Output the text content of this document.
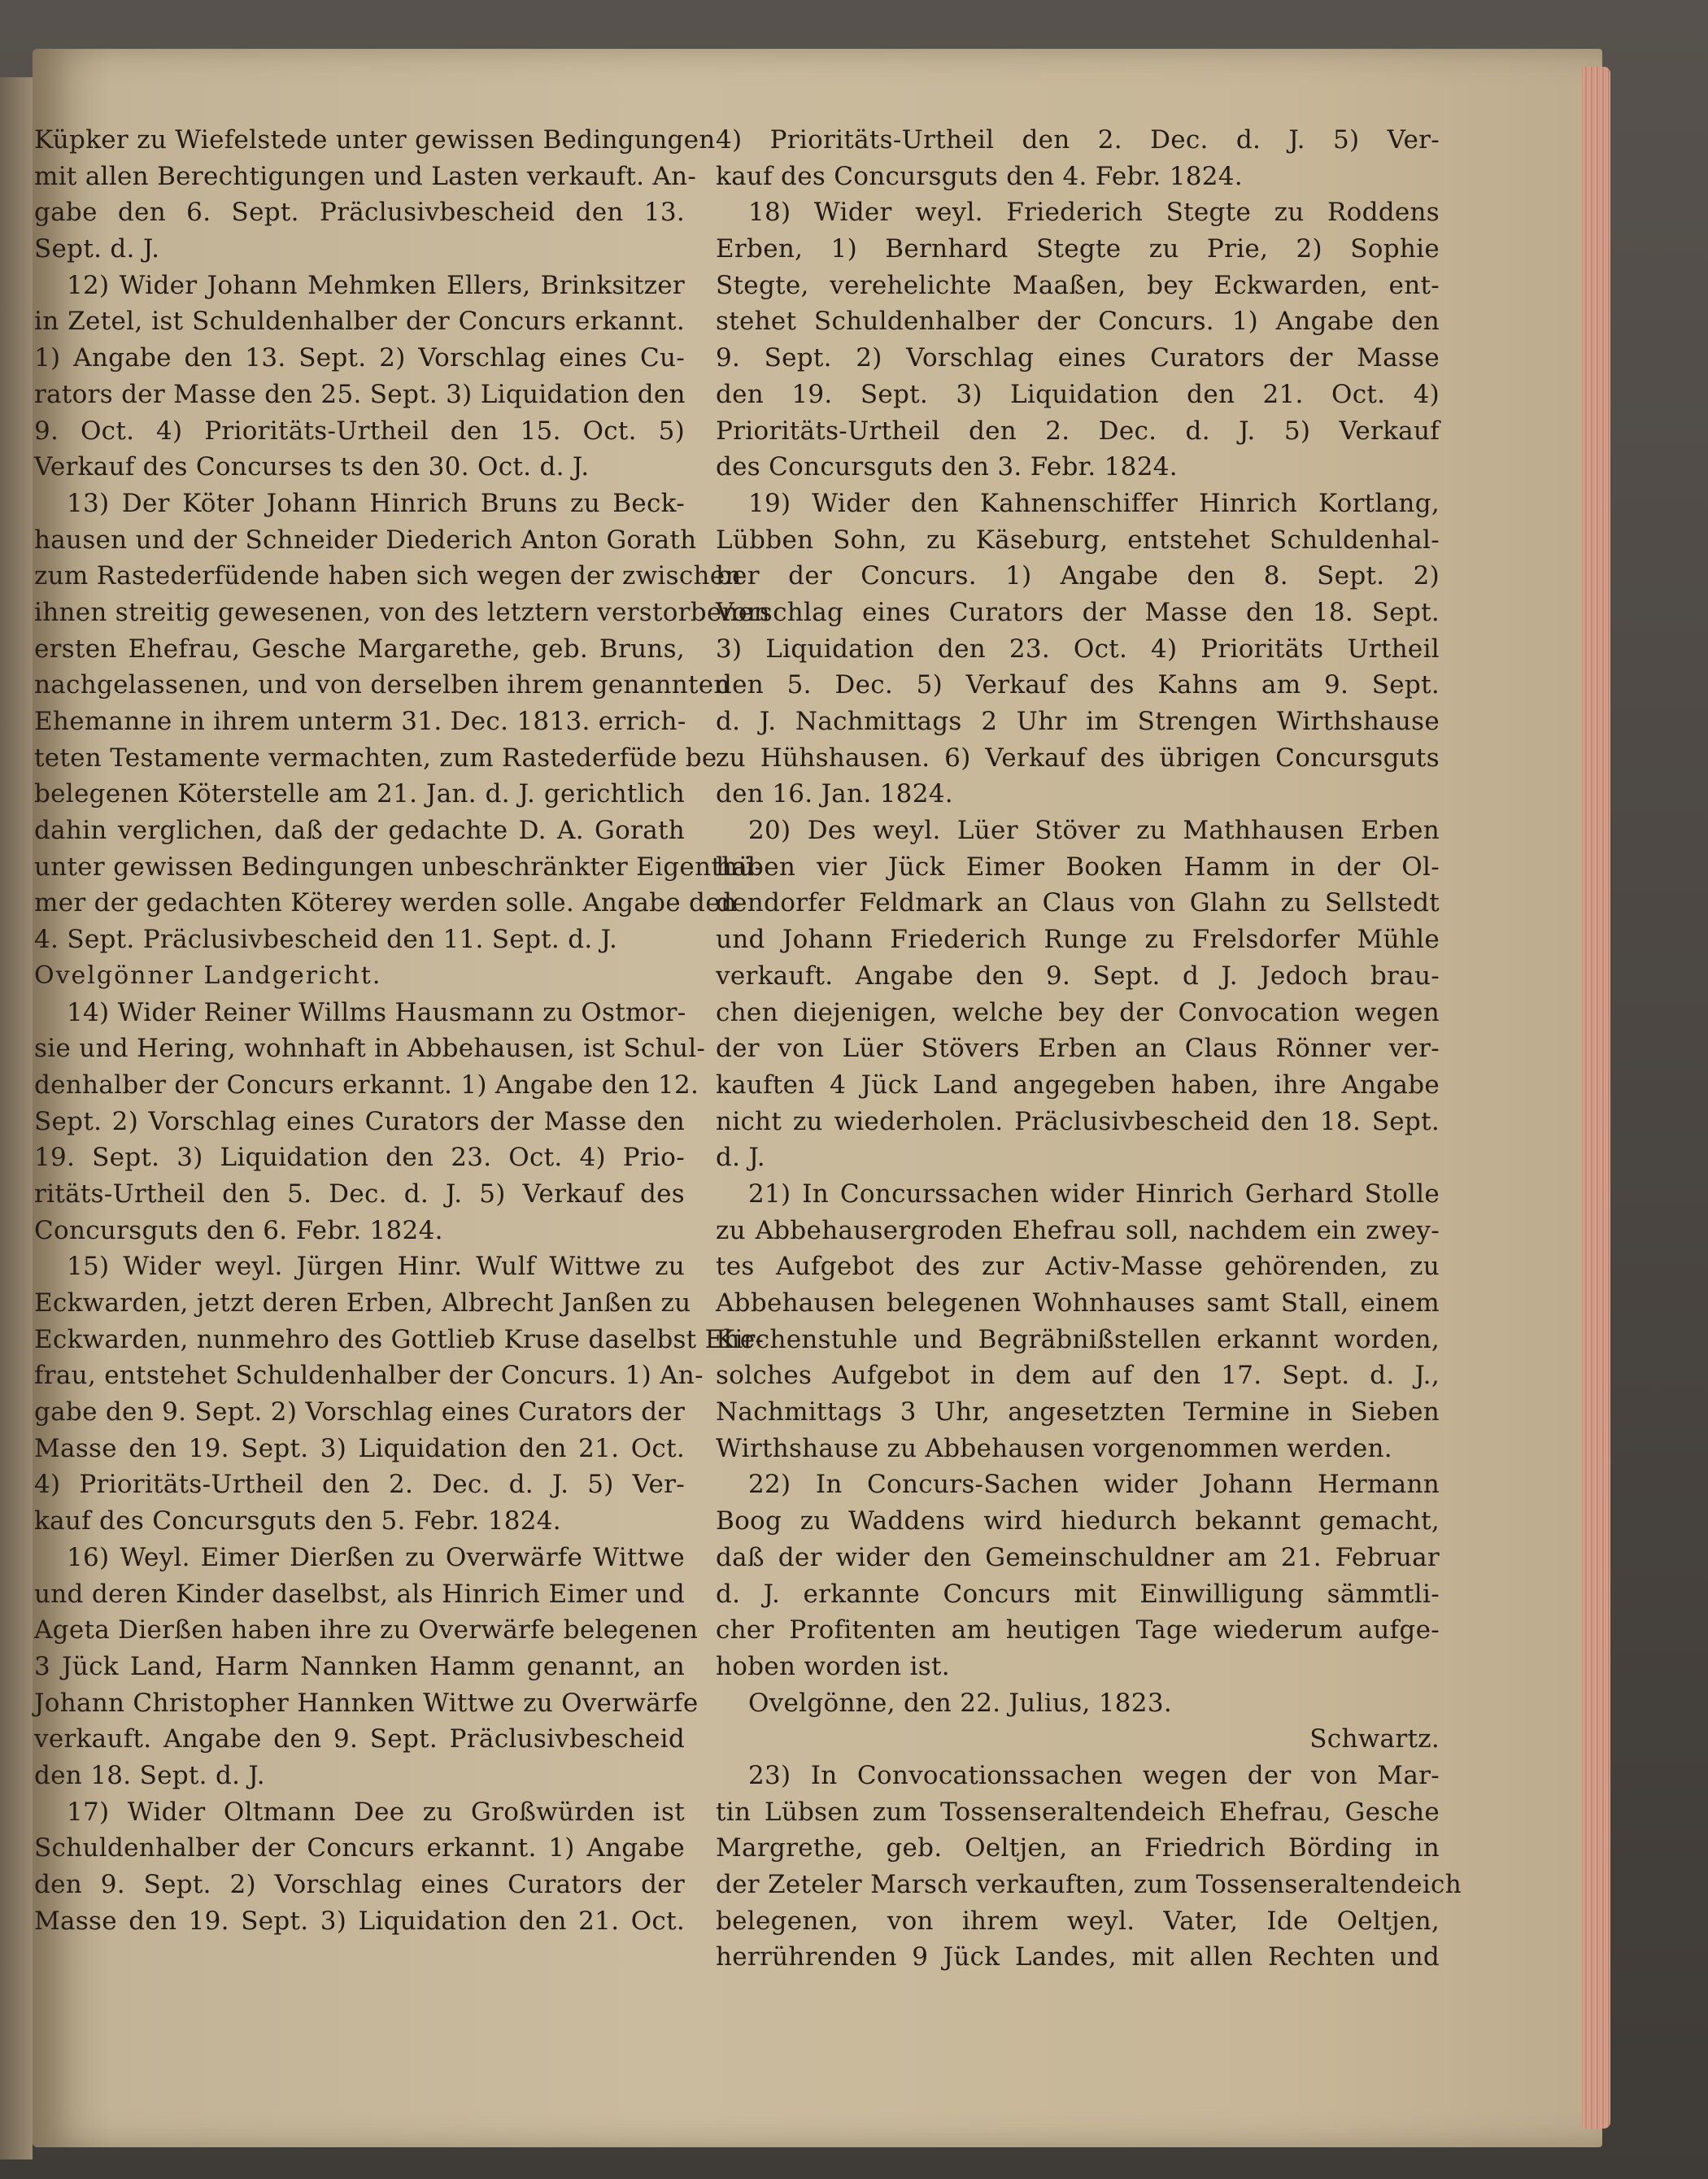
Küpker zu Wiefelstede unter gewissen Bedingungen
mit allen Berechtigungen und Lasten verkauft. An-
gabe den 6. Sept. Präclusivbescheid den 13.
Sept. d. J.
12) Wider Johann Mehmken Ellers, Brinksitzer
in Zetel, ist Schuldenhalber der Concurs erkannt.
1) Angabe den 13. Sept. 2) Vorschlag eines Cu-
rators der Masse den 25. Sept. 3) Liquidation den
9. Oct. 4) Prioritäts-Urtheil den 15. Oct. 5)
Verkauf des Concurses ts den 30. Oct. d. J.
13) Der Köter Johann Hinrich Bruns zu Beck-
hausen und der Schneider Diederich Anton Gorath
zum Rastederfüdende haben sich wegen der zwischen
ihnen streitig gewesenen, von des letztern verstorbenen
ersten Ehefrau, Gesche Margarethe, geb. Bruns,
nachgelassenen, und von derselben ihrem genannten
Ehemanne in ihrem unterm 31. Dec. 1813. errich-
teten Testamente vermachten, zum Rastederfüde be
belegenen Köterstelle am 21. Jan. d. J. gerichtlich
dahin verglichen, daß der gedachte D. A. Gorath
unter gewissen Bedingungen unbeschränkter Eigenthü-
mer der gedachten Köterey werden solle. Angabe den
4. Sept. Präclusivbescheid den 11. Sept. d. J.
Ovelgönner Landgericht.
14) Wider Reiner Willms Hausmann zu Ostmor-
sie und Hering, wohnhaft in Abbehausen, ist Schul-
denhalber der Concurs erkannt. 1) Angabe den 12.
Sept. 2) Vorschlag eines Curators der Masse den
19. Sept. 3) Liquidation den 23. Oct. 4) Prio-
ritäts-Urtheil den 5. Dec. d. J. 5) Verkauf des
Concursguts den 6. Febr. 1824.
15) Wider weyl. Jürgen Hinr. Wulf Wittwe zu
Eckwarden, jetzt deren Erben, Albrecht Janßen zu
Eckwarden, nunmehro des Gottlieb Kruse daselbst Ehe-
frau, entstehet Schuldenhalber der Concurs. 1) An-
gabe den 9. Sept. 2) Vorschlag eines Curators der
Masse den 19. Sept. 3) Liquidation den 21. Oct.
4) Prioritäts-Urtheil den 2. Dec. d. J. 5) Ver-
kauf des Concursguts den 5. Febr. 1824.
16) Weyl. Eimer Dierßen zu Overwärfe Wittwe
und deren Kinder daselbst, als Hinrich Eimer und
Ageta Dierßen haben ihre zu Overwärfe belegenen
3 Jück Land, Harm Nannken Hamm genannt, an
Johann Christopher Hannken Wittwe zu Overwärfe
verkauft. Angabe den 9. Sept. Präclusivbescheid
den 18. Sept. d. J.
17) Wider Oltmann Dee zu Großwürden ist
Schuldenhalber der Concurs erkannt. 1) Angabe
den 9. Sept. 2) Vorschlag eines Curators der
Masse den 19. Sept. 3) Liquidation den 21. Oct.
4) Prioritäts-Urtheil den 2. Dec. d. J. 5) Ver-
kauf des Concursguts den 4. Febr. 1824.
18) Wider weyl. Friederich Stegte zu Roddens
Erben, 1) Bernhard Stegte zu Prie, 2) Sophie
Stegte, verehelichte Maaßen, bey Eckwarden, ent-
stehet Schuldenhalber der Concurs. 1) Angabe den
9. Sept. 2) Vorschlag eines Curators der Masse
den 19. Sept. 3) Liquidation den 21. Oct. 4)
Prioritäts-Urtheil den 2. Dec. d. J. 5) Verkauf
des Concursguts den 3. Febr. 1824.
19) Wider den Kahnenschiffer Hinrich Kortlang,
Lübben Sohn, zu Käseburg, entstehet Schuldenhal-
ber der Concurs. 1) Angabe den 8. Sept. 2)
Vorschlag eines Curators der Masse den 18. Sept.
3) Liquidation den 23. Oct. 4) Prioritäts Urtheil
den 5. Dec. 5) Verkauf des Kahns am 9. Sept.
d. J. Nachmittags 2 Uhr im Strengen Wirthshause
zu Hühshausen. 6) Verkauf des übrigen Concursguts
den 16. Jan. 1824.
20) Des weyl. Lüer Stöver zu Mathhausen Erben
haben vier Jück Eimer Booken Hamm in der Ol-
dendorfer Feldmark an Claus von Glahn zu Sellstedt
und Johann Friederich Runge zu Frelsdorfer Mühle
verkauft. Angabe den 9. Sept. d J. Jedoch brau-
chen diejenigen, welche bey der Convocation wegen
der von Lüer Stövers Erben an Claus Rönner ver-
kauften 4 Jück Land angegeben haben, ihre Angabe
nicht zu wiederholen. Präclusivbescheid den 18. Sept.
d. J.
21) In Concurssachen wider Hinrich Gerhard Stolle
zu Abbehausergroden Ehefrau soll, nachdem ein zwey-
tes Aufgebot des zur Activ-Masse gehörenden, zu
Abbehausen belegenen Wohnhauses samt Stall, einem
Kirchenstuhle und Begräbnißstellen erkannt worden,
solches Aufgebot in dem auf den 17. Sept. d. J.,
Nachmittags 3 Uhr, angesetzten Termine in Sieben
Wirthshause zu Abbehausen vorgenommen werden.
22) In Concurs-Sachen wider Johann Hermann
Boog zu Waddens wird hiedurch bekannt gemacht,
daß der wider den Gemeinschuldner am 21. Februar
d. J. erkannte Concurs mit Einwilligung sämmtli-
cher Profitenten am heutigen Tage wiederum aufge-
hoben worden ist.
Ovelgönne, den 22. Julius, 1823.
Schwartz.
23) In Convocationssachen wegen der von Mar-
tin Lübsen zum Tossenseraltendeich Ehefrau, Gesche
Margrethe, geb. Oeltjen, an Friedrich Börding in
der Zeteler Marsch verkauften, zum Tossenseraltendeich
belegenen, von ihrem weyl. Vater, Ide Oeltjen,
herrührenden 9 Jück Landes, mit allen Rechten und
